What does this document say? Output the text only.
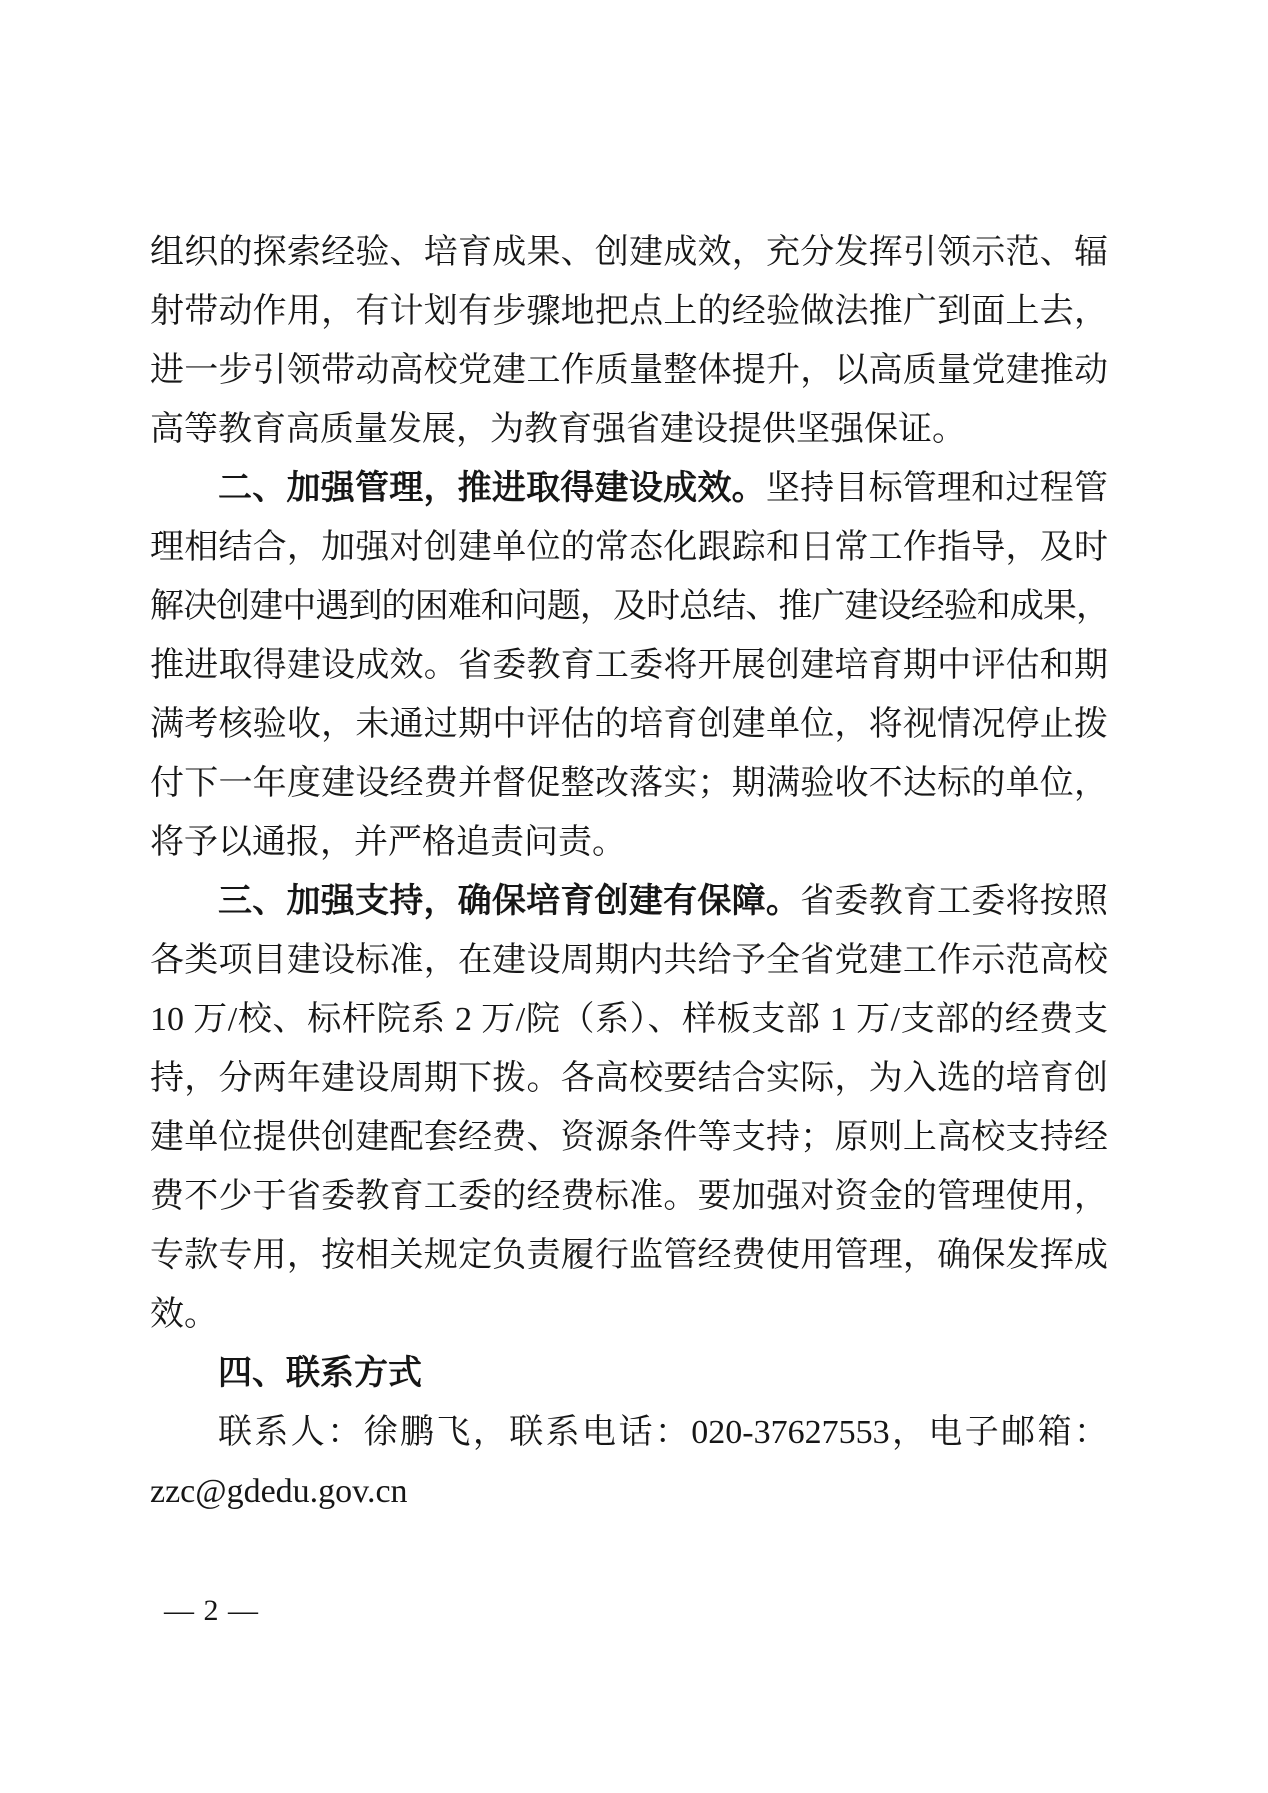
组织的探索经验、培育成果、创建成效，充分发挥引领示范、辐
射带动作用，有计划有步骤地把点上的经验做法推广到面上去，
进一步引领带动高校党建工作质量整体提升，以高质量党建推动
高等教育高质量发展，为教育强省建设提供坚强保证。
二、加强管理，推进取得建设成效。坚持目标管理和过程管
理相结合，加强对创建单位的常态化跟踪和日常工作指导，及时
解决创建中遇到的困难和问题，及时总结、推广建设经验和成果，
推进取得建设成效。省委教育工委将开展创建培育期中评估和期
满考核验收，未通过期中评估的培育创建单位，将视情况停止拨
付下一年度建设经费并督促整改落实；期满验收不达标的单位，
将予以通报，并严格追责问责。
三、加强支持，确保培育创建有保障。省委教育工委将按照
各类项目建设标准，在建设周期内共给予全省党建工作示范高校
10 万/校、标杆院系 2 万/院（系）、样板支部 1 万/支部的经费支
持，分两年建设周期下拨。各高校要结合实际，为入选的培育创
建单位提供创建配套经费、资源条件等支持；原则上高校支持经
费不少于省委教育工委的经费标准。要加强对资金的管理使用，
专款专用，按相关规定负责履行监管经费使用管理，确保发挥成
效。
四、联系方式
联系人：徐鹏飞，联系电话：020-37627553，电子邮箱：
zzc@gdedu.gov.cn
— 2 —
